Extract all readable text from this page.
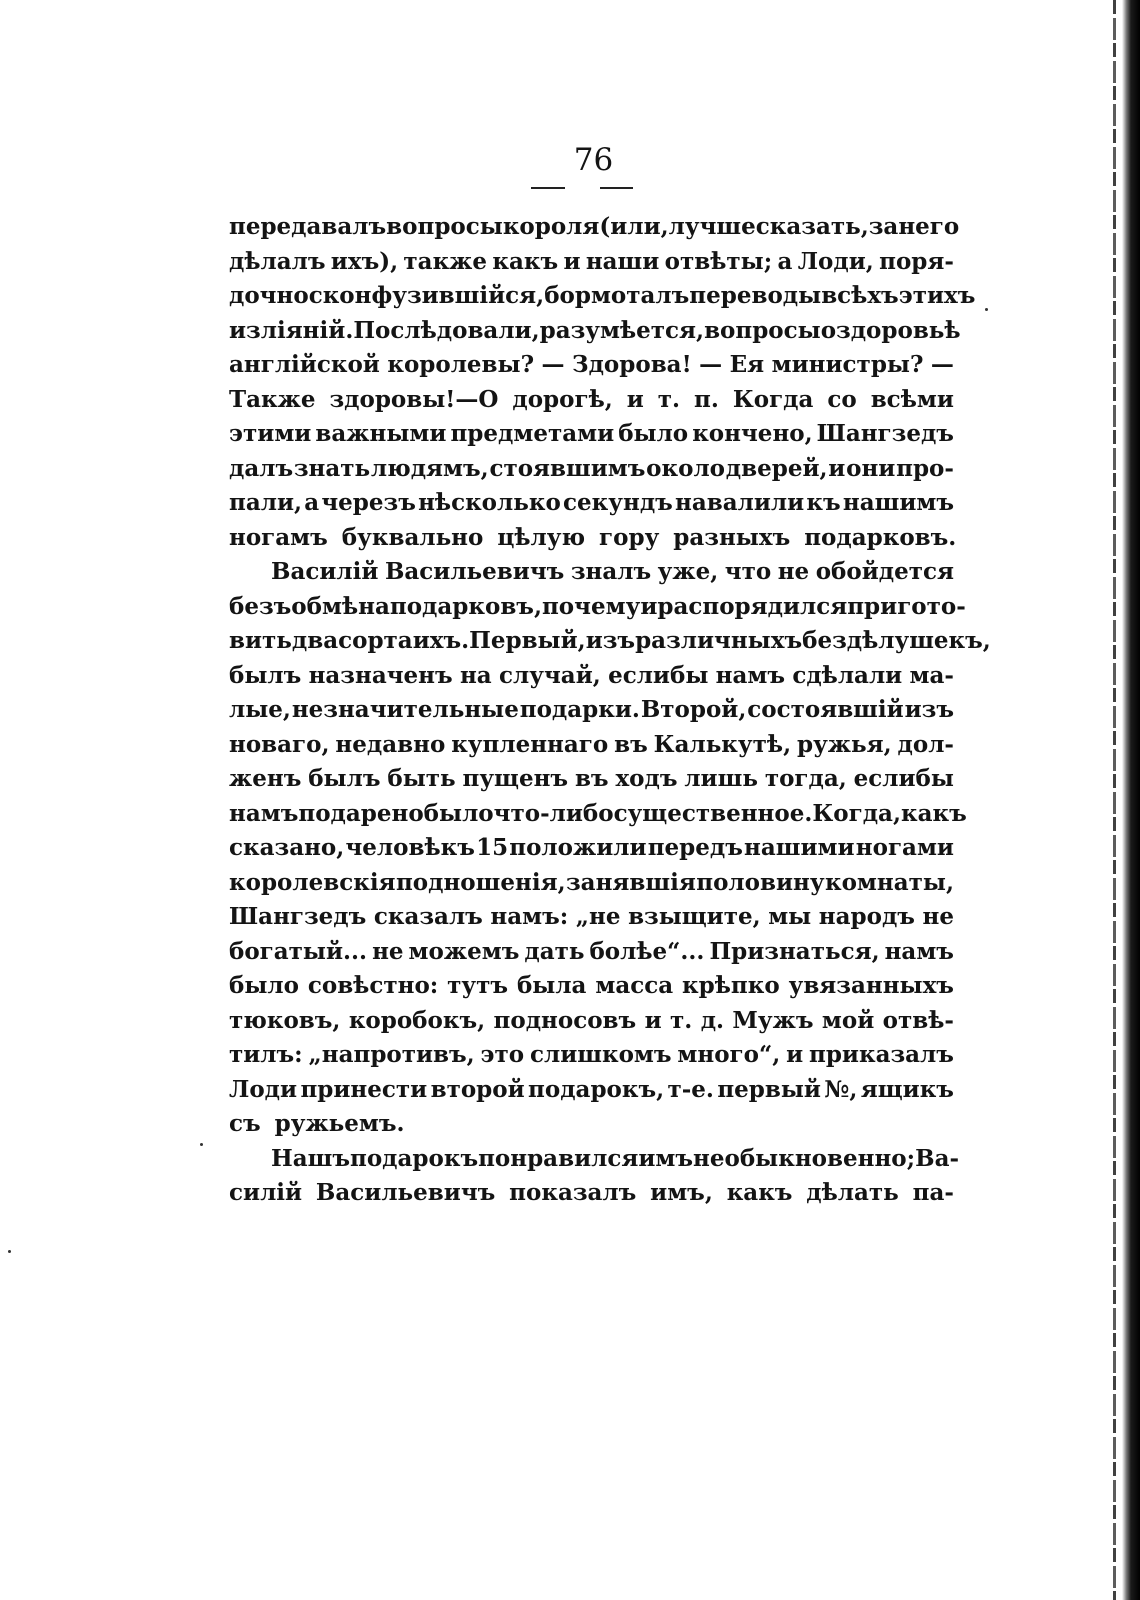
76
передавалъ вопросы короля (или, лучше сказать, за него
дѣлалъ ихъ), также какъ и наши отвѣты; а Лоди, поря-
дочно сконфузившійся, бормоталъ переводы всѣхъ этихъ
изліяній. Послѣдовали, разумѣется, вопросы о здоровьѣ
англійской королевы? — Здорова! — Ея министры? —
Также здоровы!—О дорогѣ, и т. п. Когда со всѣми
этими важными предметами было кончено, Шангзедъ
далъ знать людямъ, стоявшимъ около дверей, и они про-
пали, а черезъ нѣсколько секундъ навалили къ нашимъ
ногамъ буквально цѣлую гору разныхъ подарковъ.
Василій Васильевичъ зналъ уже, что не обойдется
безъ обмѣна подарковъ, почему и распорядился пригото-
вить два сорта ихъ. Первый, изъ различныхъ бездѣлушекъ,
былъ назначенъ на случай, еслибы намъ сдѣлали ма-
лые, незначительные подарки. Второй, состоявшій изъ
новаго, недавно купленнаго въ Калькутѣ, ружья, дол-
женъ былъ быть пущенъ въ ходъ лишь тогда, еслибы
намъ подарено было что-либо существенное. Когда, какъ
сказано, человѣкъ 15 положили передъ нашими ногами
королевскія подношенія, занявшія половину комнаты,
Шангзедъ сказалъ намъ: „не взыщите, мы народъ не
богатый... не можемъ дать болѣе“... Признаться, намъ
было совѣстно: тутъ была масса крѣпко увязанныхъ
тюковъ, коробокъ, подносовъ и т. д. Мужъ мой отвѣ-
тилъ: „напротивъ, это слишкомъ много“, и приказалъ
Лоди принести второй подарокъ, т-е. первый №, ящикъ
съ ружьемъ.
Нашъ подарокъ понравился имъ необыкновенно; Ва-
силій Васильевичъ показалъ имъ, какъ дѣлать па-
